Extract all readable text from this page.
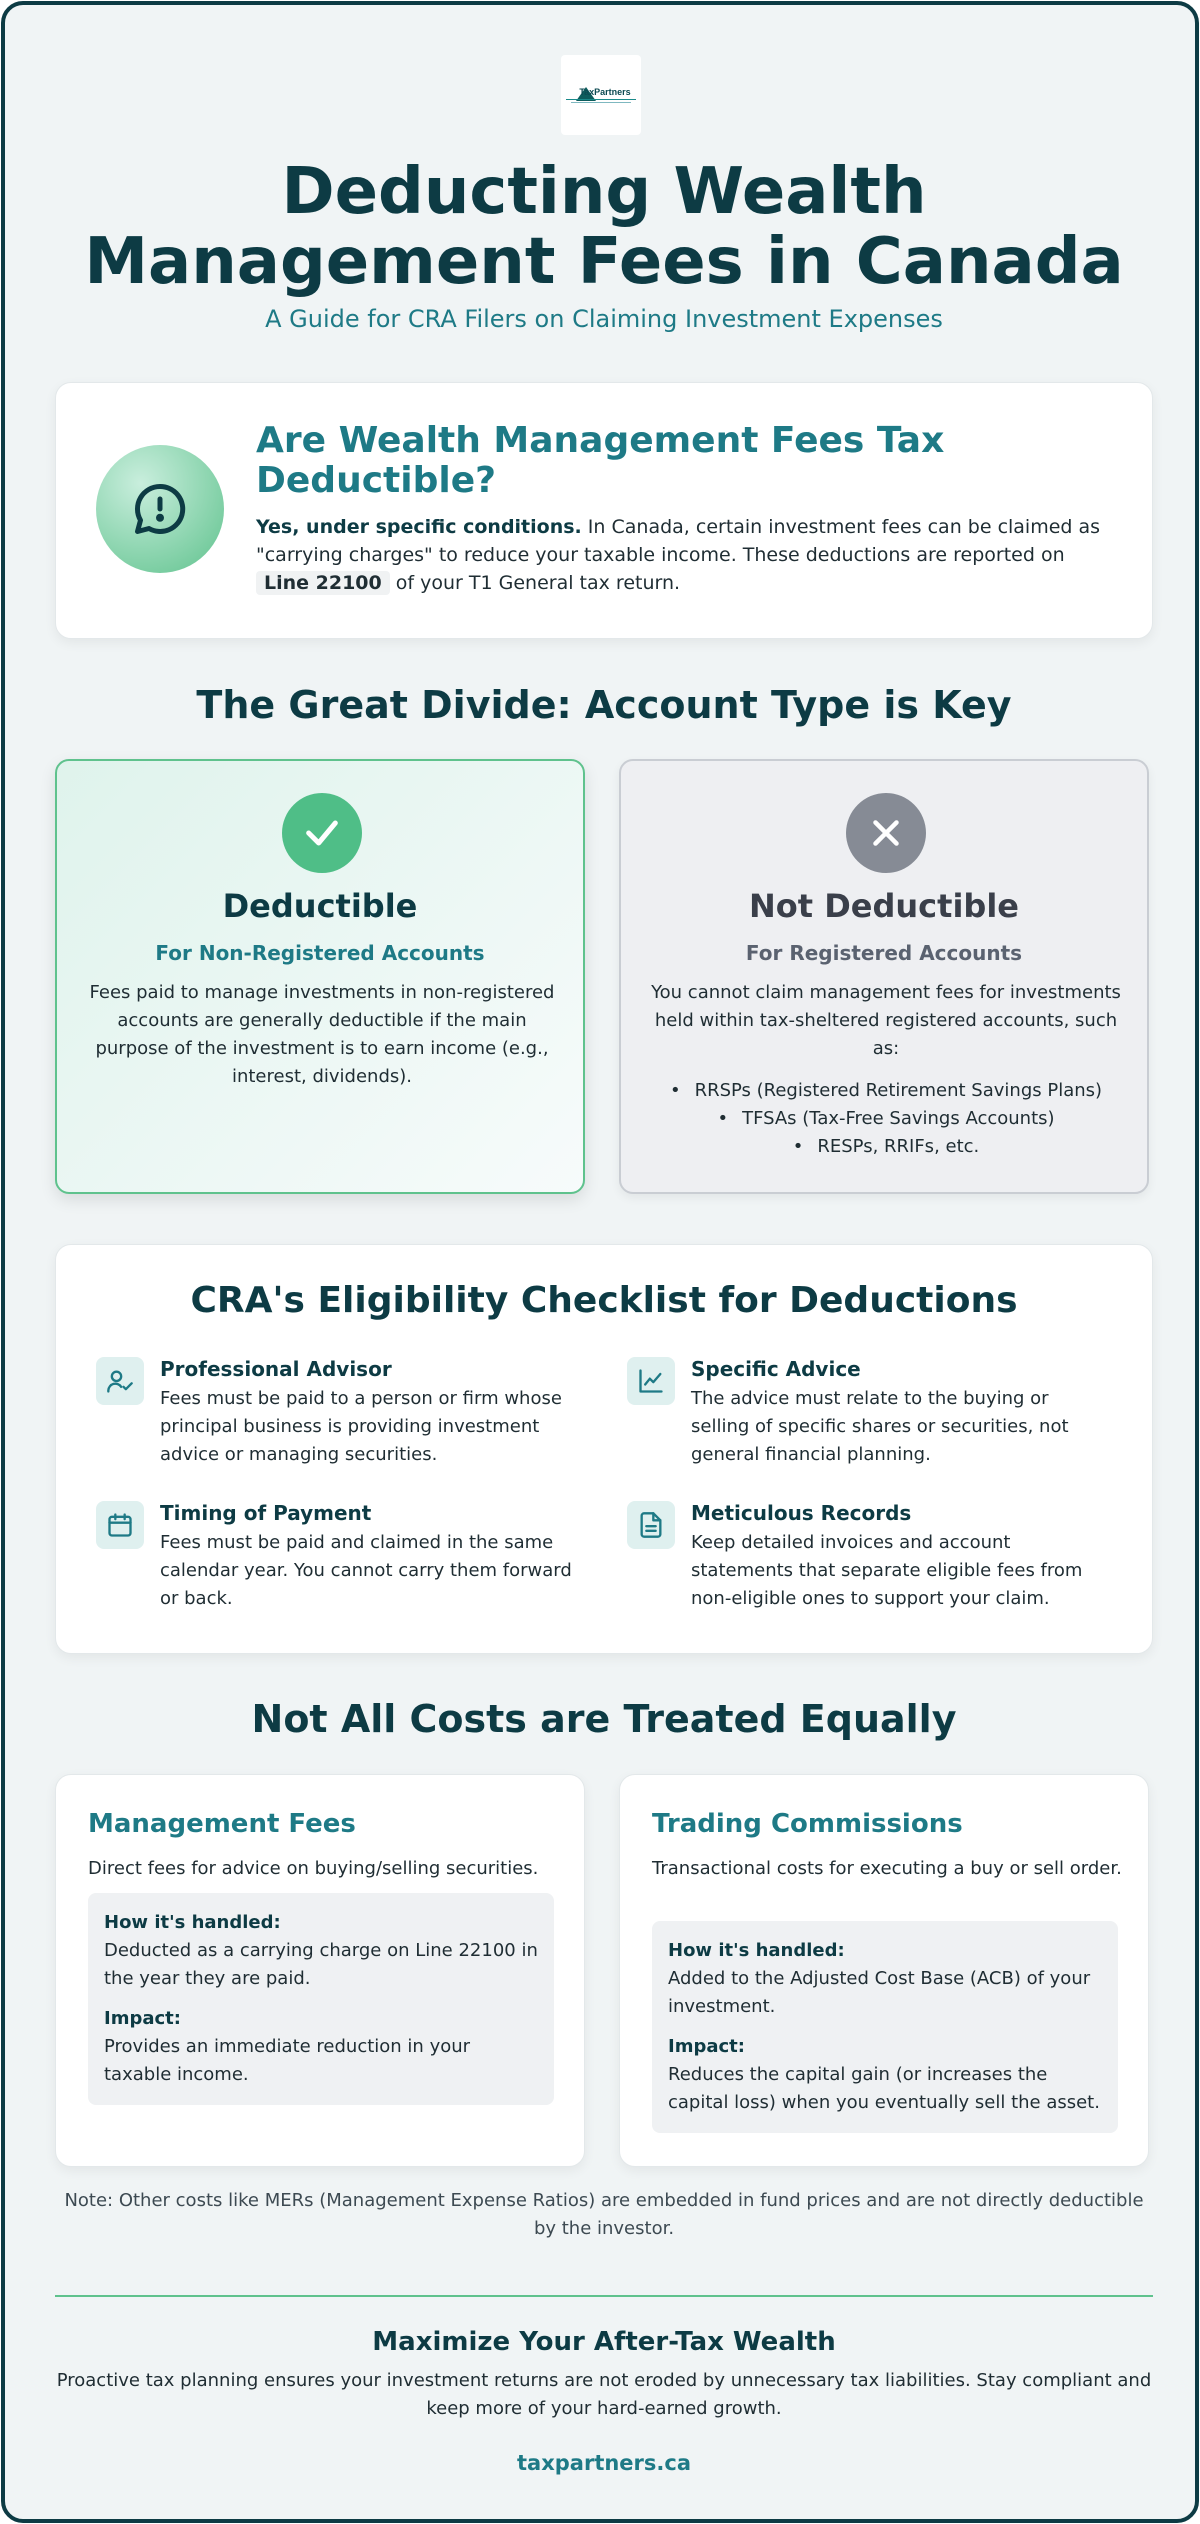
TaxPartners
Deducting Wealth Management Fees in Canada
A Guide for CRA Filers on Claiming Investment Expenses
Are Wealth Management Fees Tax Deductible?

Yes, under specific conditions. In Canada, certain investment fees can be claimed as "carrying charges" to reduce your taxable income. These deductions are reported on Line 22100 of your T1 General tax return.

The Great Divide: Account Type is Key
Deductible
For Non-Registered Accounts
Fees paid to manage investments in non-registered accounts are generally deductible if the main purpose of the investment is to earn income (e.g., interest, dividends).
Not Deductible
For Registered Accounts
You cannot claim management fees for investments held within tax-sheltered registered accounts, such as:
• RRSPs (Registered Retirement Savings Plans)
• TFSAs (Tax-Free Savings Accounts)
• RESPs, RRIFs, etc.
CRA's Eligibility Checklist for Deductions
Professional Advisor
Fees must be paid to a person or firm whose principal business is providing investment advice or managing securities.
Specific Advice
The advice must relate to the buying or selling of specific shares or securities, not general financial planning.
Timing of Payment
Fees must be paid and claimed in the same calendar year. You cannot carry them forward or back.
Meticulous Records
Keep detailed invoices and account statements that separate eligible fees from non-eligible ones to support your claim.
Not All Costs are Treated Equally
Management Fees
Direct fees for advice on buying/selling securities.
How it's handled:
Deducted as a carrying charge on Line 22100 in the year they are paid.
Impact:
Provides an immediate reduction in your taxable income.
Trading Commissions
Transactional costs for executing a buy or sell order.
How it's handled:
Added to the Adjusted Cost Base (ACB) of your investment.
Impact:
Reduces the capital gain (or increases the capital loss) when you eventually sell the asset.

Note: Other costs like MERs (Management Expense Ratios) are embedded in fund prices and are not directly deductible by the investor.

Maximize Your After-Tax Wealth

Proactive tax planning ensures your investment returns are not eroded by unnecessary tax liabilities. Stay compliant and keep more of your hard-earned growth.

taxpartners.ca
